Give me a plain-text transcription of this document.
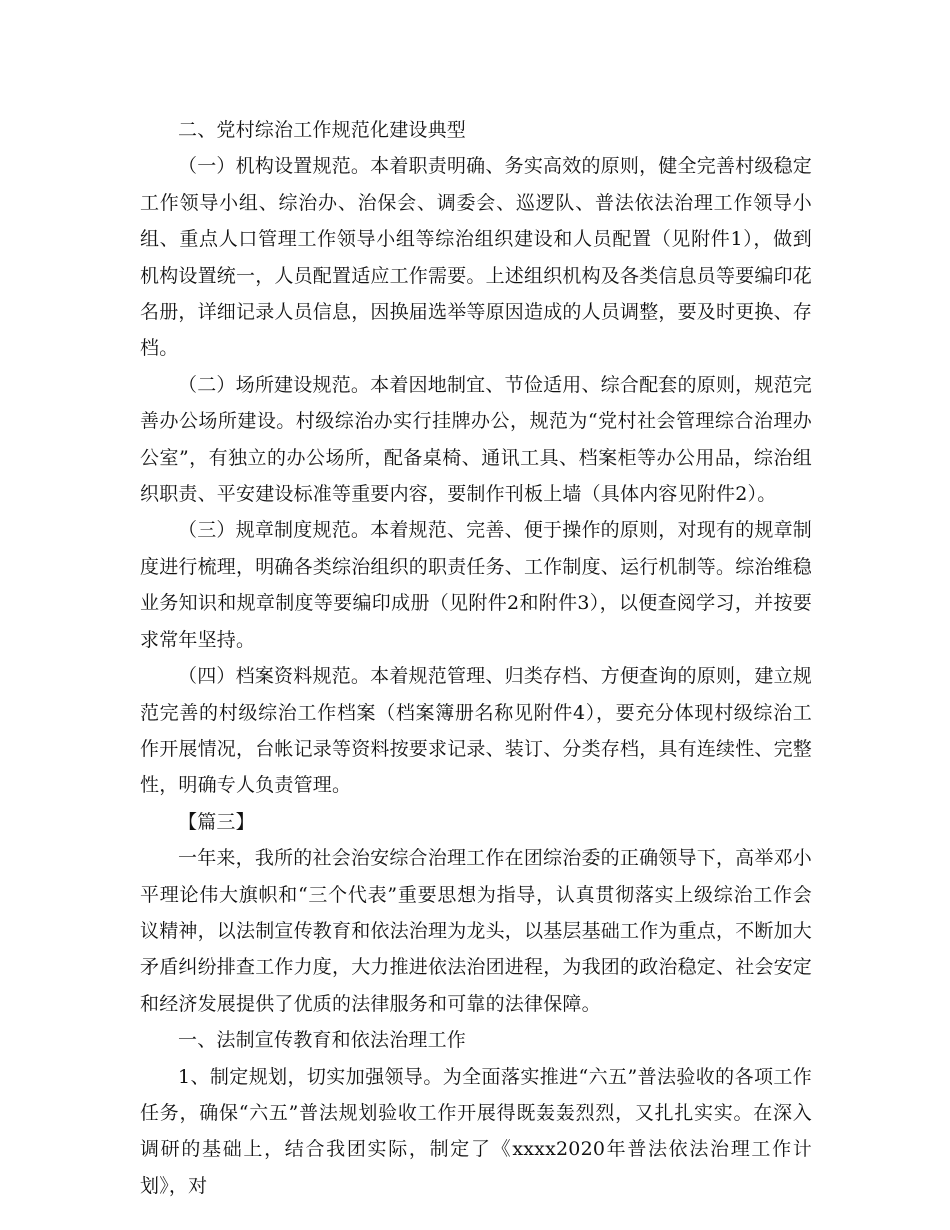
二、党村综治工作规范化建设典型

（一）机构设置规范。本着职责明确、务实高效的原则，健全完善村级稳定工作领导小组、综治办、治保会、调委会、巡逻队、普法依法治理工作领导小组、重点人口管理工作领导小组等综治组织建设和人员配置（见附件1），做到机构设置统一，人员配置适应工作需要。上述组织机构及各类信息员等要编印花名册，详细记录人员信息，因换届选举等原因造成的人员调整，要及时更换、存档。

（二）场所建设规范。本着因地制宜、节俭适用、综合配套的原则，规范完善办公场所建设。村级综治办实行挂牌办公，规范为“党村社会管理综合治理办公室”，有独立的办公场所，配备桌椅、通讯工具、档案柜等办公用品，综治组织职责、平安建设标准等重要内容，要制作刊板上墙（具体内容见附件2）。

（三）规章制度规范。本着规范、完善、便于操作的原则，对现有的规章制度进行梳理，明确各类综治组织的职责任务、工作制度、运行机制等。综治维稳业务知识和规章制度等要编印成册（见附件2和附件3），以便查阅学习，并按要求常年坚持。

（四）档案资料规范。本着规范管理、归类存档、方便查询的原则，建立规范完善的村级综治工作档案（档案簿册名称见附件4），要充分体现村级综治工作开展情况，台帐记录等资料按要求记录、装订、分类存档，具有连续性、完整性，明确专人负责管理。

【篇三】

一年来，我所的社会治安综合治理工作在团综治委的正确领导下，高举邓小平理论伟大旗帜和“三个代表”重要思想为指导，认真贯彻落实上级综治工作会议精神，以法制宣传教育和依法治理为龙头，以基层基础工作为重点，不断加大矛盾纠纷排查工作力度，大力推进依法治团进程，为我团的政治稳定、社会安定和经济发展提供了优质的法律服务和可靠的法律保障。

一、法制宣传教育和依法治理工作

1、制定规划，切实加强领导。为全面落实推进“六五”普法验收的各项工作任务，确保“六五”普法规划验收工作开展得既轰轰烈烈，又扎扎实实。在深入调研的基础上，结合我团实际，制定了《xxxx2020年普法依法治理工作计划》，对
